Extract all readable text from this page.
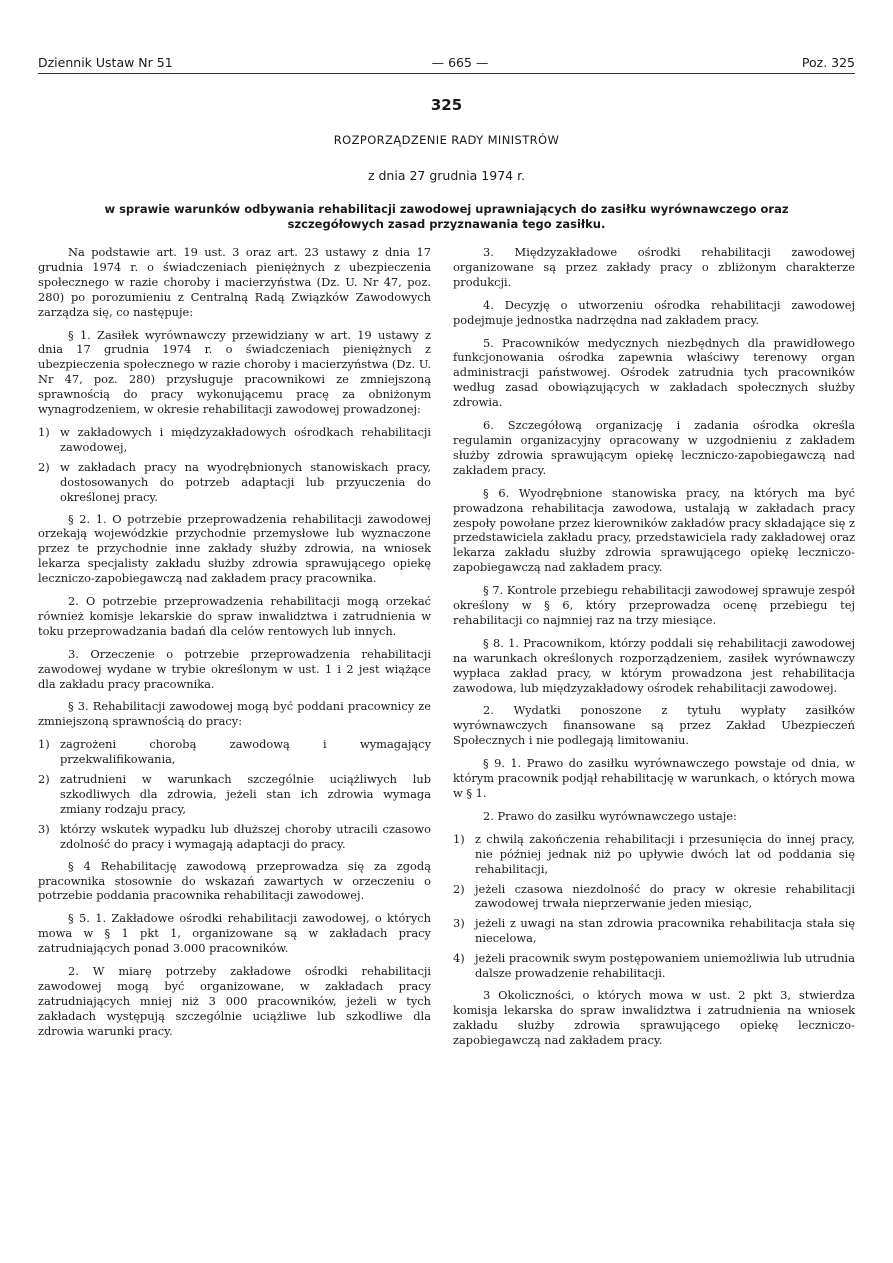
Dziennik Ustaw Nr 51	— 665 —	Poz. 325
325
ROZPORZĄDZENIE RADY MINISTRÓW
z dnia 27 grudnia 1974 r.
w sprawie warunków odbywania rehabilitacji zawodowej uprawniających do zasiłku wyrównawczego oraz szczegółowych zasad przyznawania tego zasiłku.

Na podstawie art. 19 ust. 3 oraz art. 23 ustawy z dnia 17 grudnia 1974 r. o świadczeniach pieniężnych z ubezpieczenia społecznego w razie choroby i macierzyństwa (Dz. U. Nr 47, poz. 280) po porozumieniu z Centralną Radą Związków Zawodowych zarządza się, co następuje:

§ 1. Zasiłek wyrównawczy przewidziany w art. 19 ustawy z dnia 17 grudnia 1974 r. o świadczeniach pieniężnych z ubezpieczenia społecznego w razie choroby i macierzyństwa (Dz. U. Nr 47, poz. 280) przysługuje pracownikowi ze zmniejszoną sprawnością do pracy wykonującemu pracę za obniżonym wynagrodzeniem, w okresie rehabilitacji zawodowej prowadzonej:

1) w zakładowych i międzyzakładowych ośrodkach rehabilitacji zawodowej,
2) w zakładach pracy na wyodrębnionych stanowiskach pracy, dostosowanych do potrzeb adaptacji lub przyuczenia do określonej pracy.

§ 2. 1. O potrzebie przeprowadzenia rehabilitacji zawodowej orzekają wojewódzkie przychodnie przemysłowe lub wyznaczone przez te przychodnie inne zakłady służby zdrowia, na wniosek lekarza specjalisty zakładu służby zdrowia sprawującego opiekę leczniczo-zapobiegawczą nad zakładem pracy pracownika.

2. O potrzebie przeprowadzenia rehabilitacji mogą orzekać również komisje lekarskie do spraw inwalidztwa i zatrudnienia w toku przeprowadzania badań dla celów rentowych lub innych.

3. Orzeczenie o potrzebie przeprowadzenia rehabilitacji zawodowej wydane w trybie określonym w ust. 1 i 2 jest wiążące dla zakładu pracy pracownika.

§ 3. Rehabilitacji zawodowej mogą być poddani pracownicy ze zmniejszoną sprawnością do pracy:

1) zagrożeni chorobą zawodową i wymagający przekwalifikowania,
2) zatrudnieni w warunkach szczególnie uciążliwych lub szkodliwych dla zdrowia, jeżeli stan ich zdrowia wymaga zmiany rodzaju pracy,
3) którzy wskutek wypadku lub dłuższej choroby utracili czasowo zdolność do pracy i wymagają adaptacji do pracy.

§ 4 Rehabilitację zawodową przeprowadza się za zgodą pracownika stosownie do wskazań zawartych w orzeczeniu o potrzebie poddania pracownika rehabilitacji zawodowej.

§ 5. 1. Zakładowe ośrodki rehabilitacji zawodowej, o których mowa w § 1 pkt 1, organizowane są w zakładach pracy zatrudniających ponad 3.000 pracowników.

2. W miarę potrzeby zakładowe ośrodki rehabilitacji zawodowej mogą być organizowane, w zakładach pracy zatrudniających mniej niż 3 000 pracowników, jeżeli w tych zakładach występują szczególnie uciążliwe lub szkodliwe dla zdrowia warunki pracy.

3. Międzyzakładowe ośrodki rehabilitacji zawodowej organizowane są przez zakłady pracy o zbliżonym charakterze produkcji.

4. Decyzję o utworzeniu ośrodka rehabilitacji zawodowej podejmuje jednostka nadrzędna nad zakładem pracy.

5. Pracowników medycznych niezbędnych dla prawidłowego funkcjonowania ośrodka zapewnia właściwy terenowy organ administracji państwowej. Ośrodek zatrudnia tych pracowników według zasad obowiązujących w zakładach społecznych służby zdrowia.

6. Szczegółową organizację i zadania ośrodka określa regulamin organizacyjny opracowany w uzgodnieniu z zakładem służby zdrowia sprawującym opiekę leczniczo-zapobiegawczą nad zakładem pracy.

§ 6. Wyodrębnione stanowiska pracy, na których ma być prowadzona rehabilitacja zawodowa, ustalają w zakładach pracy zespoły powołane przez kierowników zakładów pracy składające się z przedstawiciela zakładu pracy, przedstawiciela rady zakładowej oraz lekarza zakładu służby zdrowia sprawującego opiekę leczniczo-zapobiegawczą nad zakładem pracy.

§ 7. Kontrole przebiegu rehabilitacji zawodowej sprawuje zespół określony w § 6, który przeprowadza ocenę przebiegu tej rehabilitacji co najmniej raz na trzy miesiące.

§ 8. 1. Pracownikom, którzy poddali się rehabilitacji zawodowej na warunkach określonych rozporządzeniem, zasiłek wyrównawczy wypłaca zakład pracy, w którym prowadzona jest rehabilitacja zawodowa, lub międzyzakładowy ośrodek rehabilitacji zawodowej.

2. Wydatki ponoszone z tytułu wypłaty zasiłków wyrównawczych finansowane są przez Zakład Ubezpieczeń Społecznych i nie podlegają limitowaniu.

§ 9. 1. Prawo do zasiłku wyrównawczego powstaje od dnia, w którym pracownik podjął rehabilitację w warunkach, o których mowa w § 1.

2. Prawo do zasiłku wyrównawczego ustaje:

1) z chwilą zakończenia rehabilitacji i przesunięcia do innej pracy, nie później jednak niż po upływie dwóch lat od poddania się rehabilitacji,
2) jeżeli czasowa niezdolność do pracy w okresie rehabilitacji zawodowej trwała nieprzerwanie jeden miesiąc,
3) jeżeli z uwagi na stan zdrowia pracownika rehabilitacja stała się niecelowa,
4) jeżeli pracownik swym postępowaniem uniemożliwia lub utrudnia dalsze prowadzenie rehabilitacji.

3 Okoliczności, o których mowa w ust. 2 pkt 3, stwierdza komisja lekarska do spraw inwalidztwa i zatrudnienia na wniosek zakładu służby zdrowia sprawującego opiekę leczniczo-zapobiegawczą nad zakładem pracy.
